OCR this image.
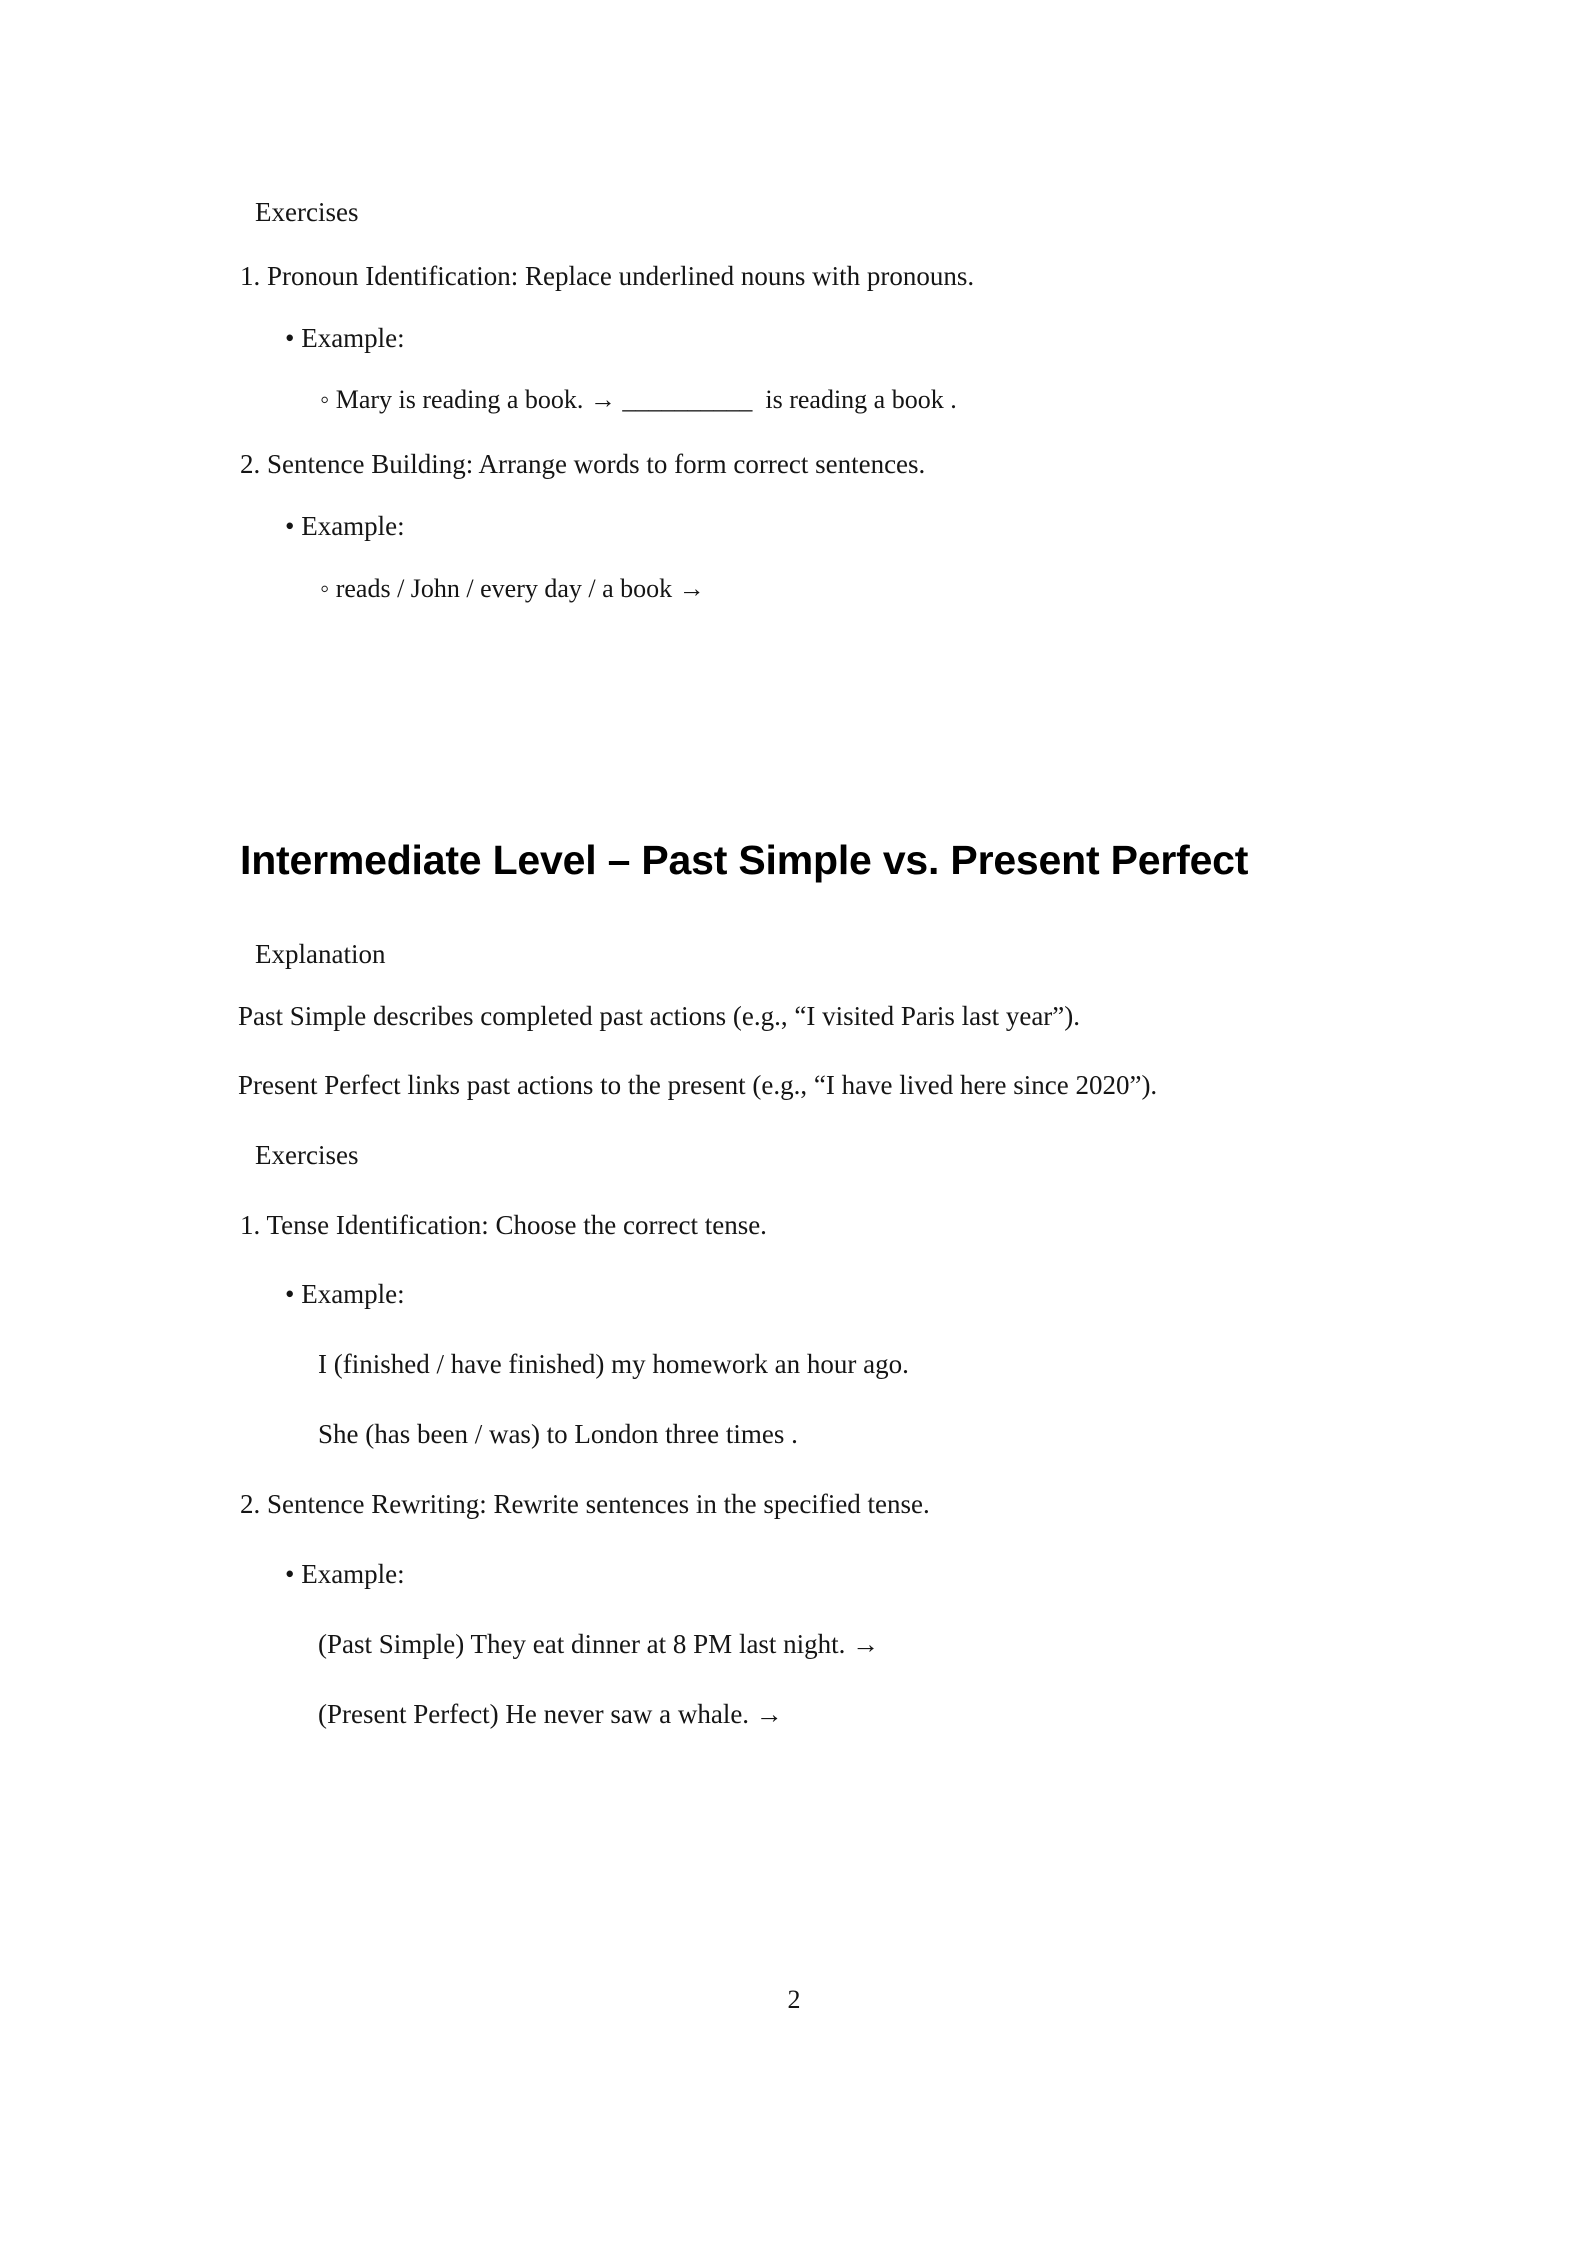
Exercises
1. Pronoun Identification: Replace underlined nouns with pronouns.
• Example:
◦ Mary is reading a book. → __________  is reading a book .
2. Sentence Building: Arrange words to form correct sentences.
• Example:
◦ reads / John / every day / a book →
Intermediate Level – Past Simple vs. Present Perfect
Explanation
Past Simple describes completed past actions (e.g., “I visited Paris last year”).
Present Perfect links past actions to the present (e.g., “I have lived here since 2020”).
Exercises
1. Tense Identification: Choose the correct tense.
• Example:
I (finished / have finished) my homework an hour ago.
She (has been / was) to London three times .
2. Sentence Rewriting: Rewrite sentences in the specified tense.
• Example:
(Past Simple) They eat dinner at 8 PM last night. →
(Present Perfect) He never saw a whale. →
2
